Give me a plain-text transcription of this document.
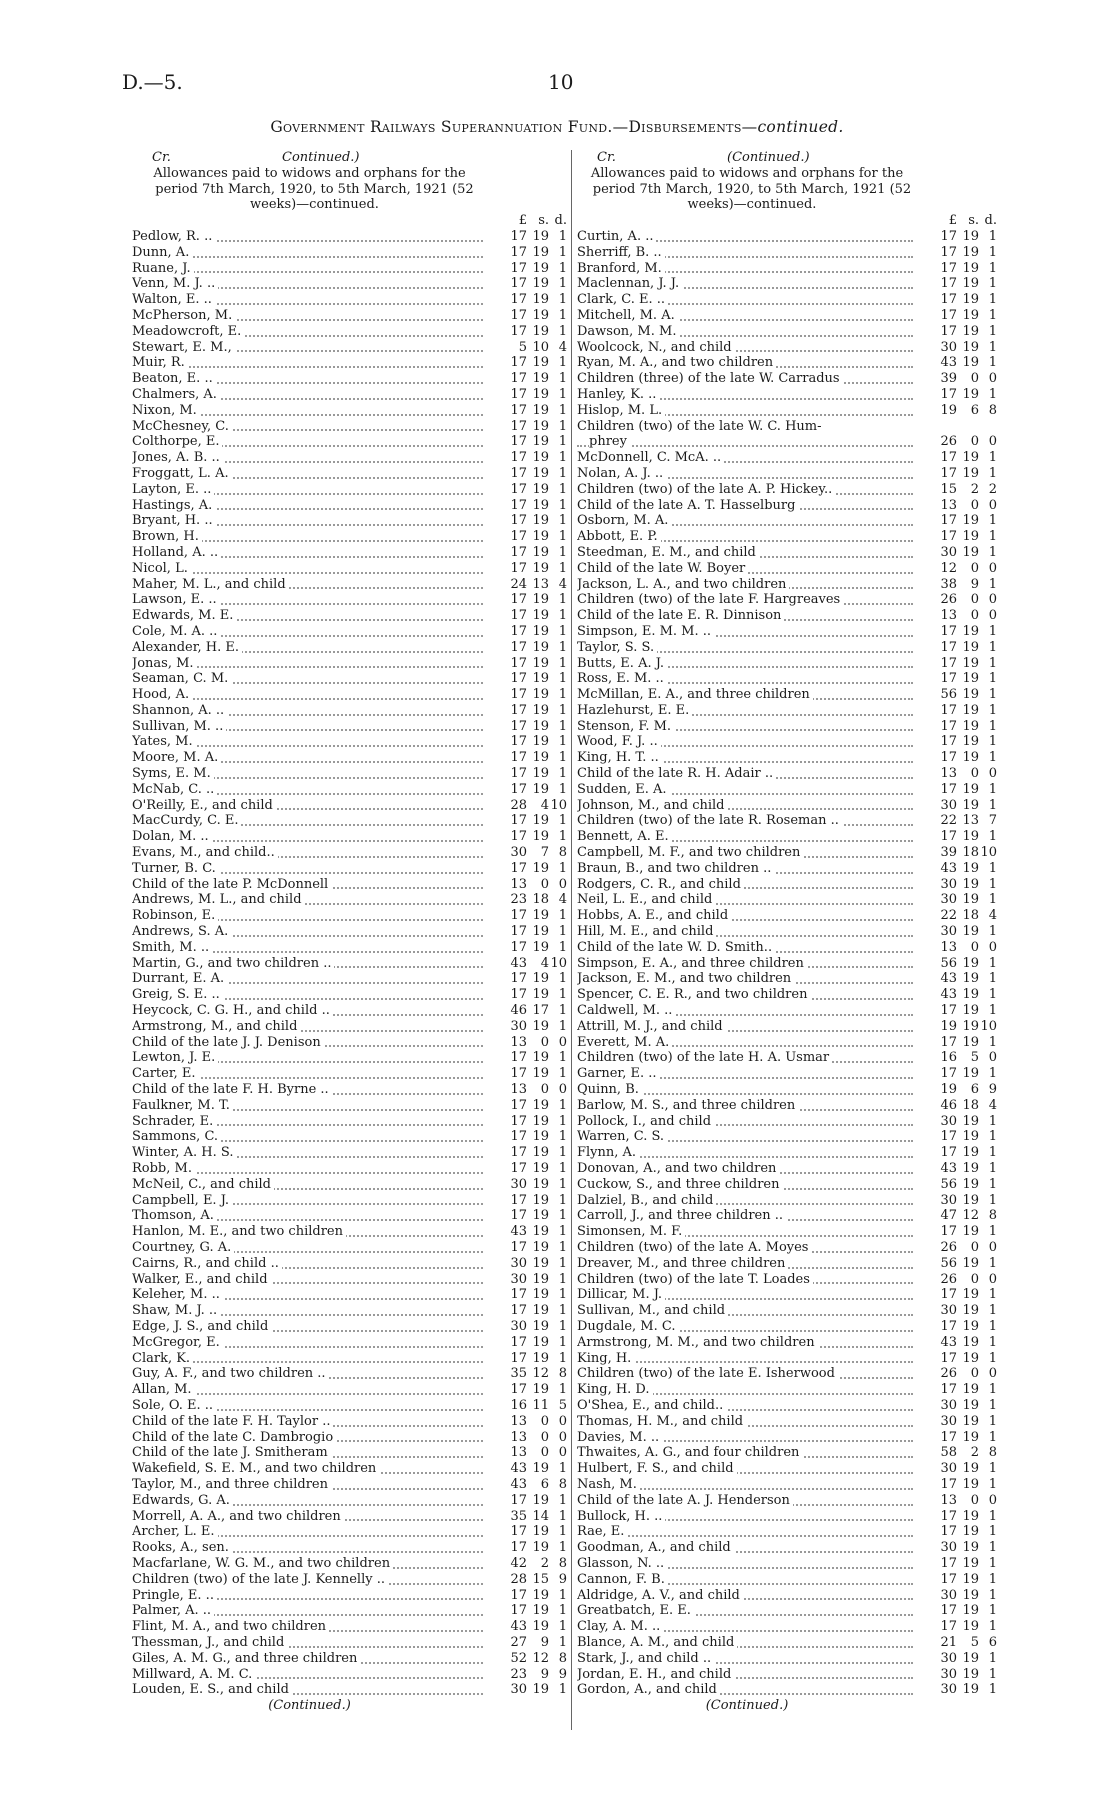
D.—5.	10
Government Railways Superannuation Fund.—Disbursements—continued.
Cr.	Continued.)
Allowances paid to widows and orphans for the period 7th March, 1920, to 5th March, 1921 (52 weeks)—continued.
£ s. d.
Pedlow, R. ..	17 19 1
Dunn, A.	17 19 1
Ruane, J.	17 19 1
Venn, M. J. ..	17 19 1
Walton, E. ..	17 19 1
McPherson, M.	17 19 1
Meadowcroft, E.	17 19 1
Stewart, E. M.,	5 10 4
Muir, R.	17 19 1
Beaton, E. ..	17 19 1
Chalmers, A.	17 19 1
Nixon, M.	17 19 1
McChesney, C.	17 19 1
Colthorpe, E.	17 19 1
Jones, A. B. ..	17 19 1
Froggatt, L. A.	17 19 1
Layton, E. ..	17 19 1
Hastings, A.	17 19 1
Bryant, H. ..	17 19 1
Brown, H.	17 19 1
Holland, A. ..	17 19 1
Nicol, L.	17 19 1
Maher, M. L., and child	24 13 4
Lawson, E. ..	17 19 1
Edwards, M. E.	17 19 1
Cole, M. A. ..	17 19 1
Alexander, H. E.	17 19 1
Jonas, M.	17 19 1
Seaman, C. M.	17 19 1
Hood, A.	17 19 1
Shannon, A. ..	17 19 1
Sullivan, M. ..	17 19 1
Yates, M.	17 19 1
Moore, M. A.	17 19 1
Syms, E. M.	17 19 1
McNab, C. ..	17 19 1
O'Reilly, E., and child	28	4 10
MacCurdy, C. E.	17 19 1
Dolan, M. ..	17 19 1
Evans, M., and child..	30	7 8
Turner, B. C.	17 19 1
Child of the late P. McDonnell	13	0 0
Andrews, M. L., and child	23 18 4
Robinson, E.	17 19 1
Andrews, S. A.	17 19 1
Smith, M. ..	17 19 1
Martin, G., and two children ..	43	4 10
Durrant, E. A.	17 19 1
Greig, S. E. ..	17 19 1
Heycock, C. G. H., and child ..	46 17 1
Armstrong, M., and child	30 19 1
Child of the late J. J. Denison	13	0 0
Lewton, J. E.	17 19 1
Carter, E.	17 19 1
Child of the late F. H. Byrne ..	13	0 0
Faulkner, M. T.	17 19 1
Schrader, E.	17 19 1
Sammons, C.	17 19 1
Winter, A. H. S.	17 19 1
Robb, M.	17 19 1
McNeil, C., and child	30 19 1
Campbell, E. J.	17 19 1
Thomson, A.	17 19 1
Hanlon, M. E., and two children	43 19 1
Courtney, G. A.	17 19 1
Cairns, R., and child ..	30 19 1
Walker, E., and child	30 19 1
Keleher, M. ..	17 19 1
Shaw, M. J. ..	17 19 1
Edge, J. S., and child	30 19 1
McGregor, E.	17 19 1
Clark, K.	17 19 1
Guy, A. F., and two children ..	35 12 8
Allan, M.	17 19 1
Sole, O. E. ..	16 11 5
Child of the late F. H. Taylor ..	13	0 0
Child of the late C. Dambrogio	13	0 0
Child of the late J. Smitheram	13	0 0
Wakefield, S. E. M., and two children	43 19 1
Taylor, M., and three children	43	6 8
Edwards, G. A.	17 19 1
Morrell, A. A., and two children	35 14 1
Archer, L. E.	17 19 1
Rooks, A., sen.	17 19 1
Macfarlane, W. G. M., and two children	42	2 8
Children (two) of the late J. Kennelly ..	28 15 9
Pringle, E. ..	17 19 1
Palmer, A. ..	17 19 1
Flint, M. A., and two children	43 19 1
Thessman, J., and child	27	9 1
Giles, A. M. G., and three children	52 12 8
Millward, A. M. C.	23	9 9
Louden, E. S., and child	30 19 1
(Continued.)
Cr.	(Continued.)
Allowances paid to widows and orphans for the period 7th March, 1920, to 5th March, 1921 (52 weeks)—continued.
£ s. d.
Curtin, A. ..	17 19 1
Sherriff, B. ..	17 19 1
Branford, M.	17 19 1
Maclennan, J. J.	17 19 1
Clark, C. E. ..	17 19 1
Mitchell, M. A.	17 19 1
Dawson, M. M.	17 19 1
Woolcock, N., and child	30 19 1
Ryan, M. A., and two children	43 19 1
Children (three) of the late W. Carradus	39	0 0
Hanley, K. ..	17 19 1
Hislop, M. L.	19	6 8
Children (two) of the late W. C. Hum-
phrey	26	0 0
McDonnell, C. McA. ..	17 19 1
Nolan, A. J. ..	17 19 1
Children (two) of the late A. P. Hickey..	15	2 2
Child of the late A. T. Hasselburg	13	0 0
Osborn, M. A.	17 19 1
Abbott, E. P.	17 19 1
Steedman, E. M., and child	30 19 1
Child of the late W. Boyer	12	0 0
Jackson, L. A., and two children	38	9 1
Children (two) of the late F. Hargreaves	26	0 0
Child of the late E. R. Dinnison	13	0 0
Simpson, E. M. M. ..	17 19 1
Taylor, S. S.	17 19 1
Butts, E. A. J.	17 19 1
Ross, E. M. ..	17 19 1
McMillan, E. A., and three children	56 19 1
Hazlehurst, E. E.	17 19 1
Stenson, F. M.	17 19 1
Wood, F. J. ..	17 19 1
King, H. T. ..	17 19 1
Child of the late R. H. Adair ..	13	0 0
Sudden, E. A.	17 19 1
Johnson, M., and child	30 19 1
Children (two) of the late R. Roseman ..	22 13 7
Bennett, A. E.	17 19 1
Campbell, M. F., and two children	39 18 10
Braun, B., and two children ..	43 19 1
Rodgers, C. R., and child	30 19 1
Neil, L. E., and child	30 19 1
Hobbs, A. E., and child	22 18 4
Hill, M. E., and child	30 19 1
Child of the late W. D. Smith..	13	0 0
Simpson, E. A., and three children	56 19 1
Jackson, E. M., and two children	43 19 1
Spencer, C. E. R., and two children	43 19 1
Caldwell, M. ..	17 19 1
Attrill, M. J., and child	19 19 10
Everett, M. A.	17 19 1
Children (two) of the late H. A. Usmar	16	5 0
Garner, E. ..	17 19 1
Quinn, B.	19	6 9
Barlow, M. S., and three children	46 18 4
Pollock, I., and child	30 19 1
Warren, C. S.	17 19 1
Flynn, A.	17 19 1
Donovan, A., and two children	43 19 1
Cuckow, S., and three children	56 19 1
Dalziel, B., and child	30 19 1
Carroll, J., and three children ..	47 12 8
Simonsen, M. F.	17 19 1
Children (two) of the late A. Moyes	26	0 0
Dreaver, M., and three children	56 19 1
Children (two) of the late T. Loades	26	0 0
Dillicar, M. J.	17 19 1
Sullivan, M., and child	30 19 1
Dugdale, M. C.	17 19 1
Armstrong, M. M., and two children	43 19 1
King, H.	17 19 1
Children (two) of the late E. Isherwood	26	0 0
King, H. D.	17 19 1
O'Shea, E., and child..	30 19 1
Thomas, H. M., and child	30 19 1
Davies, M. ..	17 19 1
Thwaites, A. G., and four children	58	2 8
Hulbert, F. S., and child	30 19 1
Nash, M.	17 19 1
Child of the late A. J. Henderson	13	0 0
Bullock, H. ..	17 19 1
Rae, E.	17 19 1
Goodman, A., and child	30 19 1
Glasson, N. ..	17 19 1
Cannon, F. B.	17 19 1
Aldridge, A. V., and child	30 19 1
Greatbatch, E. E.	17 19 1
Clay, A. M. ..	17 19 1
Blance, A. M., and child	21	5 6
Stark, J., and child ..	30 19 1
Jordan, E. H., and child	30 19 1
Gordon, A., and child	30 19 1
(Continued.)
